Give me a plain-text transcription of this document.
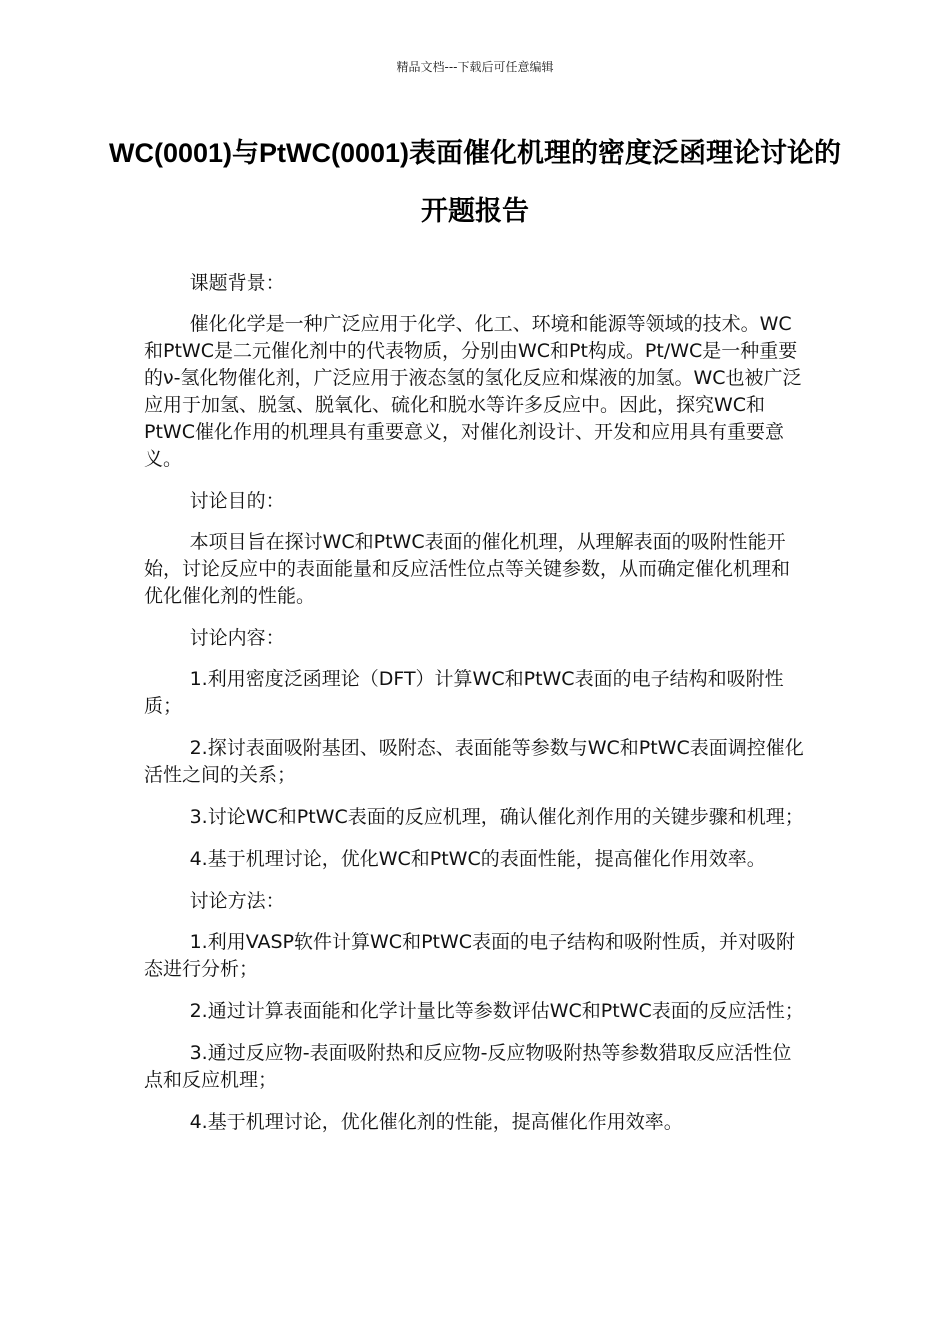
精品文档---下载后可任意编辑
WC(0001)与PtWC(0001)表面催化机理的密度泛函理论讨论的开题报告

课题背景：

催化化学是一种广泛应用于化学、化工、环境和能源等领域的技术。WC和PtWC是二元催化剂中的代表物质，分别由WC和Pt构成。Pt/WC是一种重要的ν-氢化物催化剂，广泛应用于液态氢的氢化反应和煤液的加氢。WC也被广泛应用于加氢、脱氢、脱氧化、硫化和脱水等许多反应中。因此，探究WC和PtWC催化作用的机理具有重要意义，对催化剂设计、开发和应用具有重要意义。

讨论目的：

本项目旨在探讨WC和PtWC表面的催化机理，从理解表面的吸附性能开始，讨论反应中的表面能量和反应活性位点等关键参数，从而确定催化机理和优化催化剂的性能。

讨论内容：

1.利用密度泛函理论（DFT）计算WC和PtWC表面的电子结构和吸附性质；

2.探讨表面吸附基团、吸附态、表面能等参数与WC和PtWC表面调控催化活性之间的关系；

3.讨论WC和PtWC表面的反应机理，确认催化剂作用的关键步骤和机理；

4.基于机理讨论，优化WC和PtWC的表面性能，提高催化作用效率。

讨论方法：

1.利用VASP软件计算WC和PtWC表面的电子结构和吸附性质，并对吸附态进行分析；

2.通过计算表面能和化学计量比等参数评估WC和PtWC表面的反应活性；

3.通过反应物-表面吸附热和反应物-反应物吸附热等参数猎取反应活性位点和反应机理；

4.基于机理讨论，优化催化剂的性能，提高催化作用效率。
